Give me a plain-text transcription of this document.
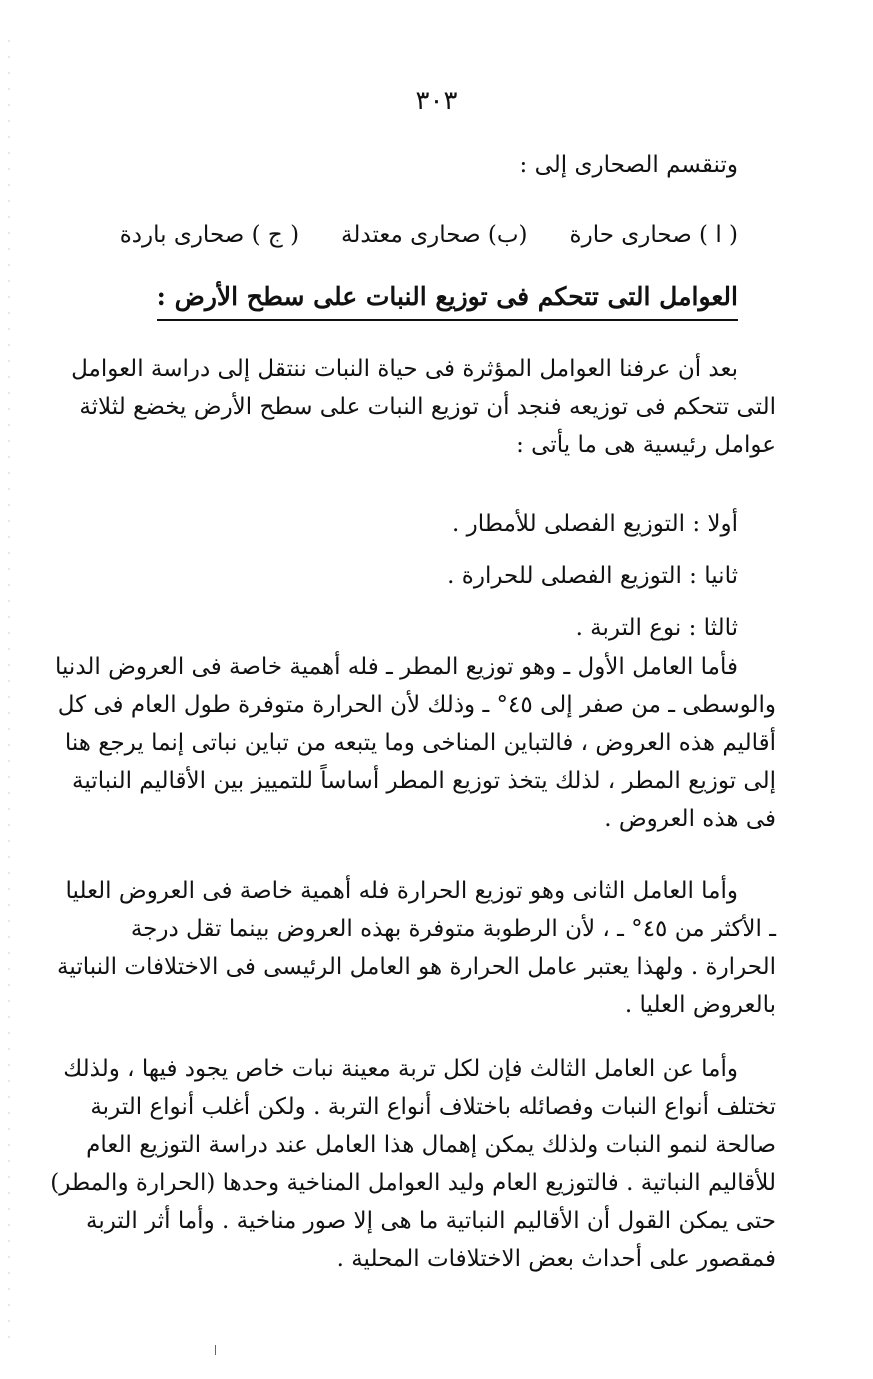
٣٠٣
وتنقسم الصحارى إلى :
( ا ) صحارى حارة
(ب) صحارى معتدلة
( ج ) صحارى باردة
العوامل التى تتحكم فى توزيع النبات على سطح الأرض :
بعد أن عرفنا العوامل المؤثرة فى حياة النبات ننتقل إلى دراسة العوامل
التى تتحكم فى توزيعه فنجد أن توزيع النبات على سطح الأرض يخضع لثلاثة
عوامل رئيسية هى ما يأتى :
أولا : التوزيع الفصلى للأمطار .
ثانيا : التوزيع الفصلى للحرارة .
ثالثا : نوع التربة .
فأما العامل الأول ـ وهو توزيع المطر ـ فله أهمية خاصة فى العروض الدنيا
والوسطى ـ من صفر إلى ٤٥° ـ وذلك لأن الحرارة متوفرة طول العام فى كل
أقاليم هذه العروض ، فالتباين المناخى وما يتبعه من تباين نباتى إنما يرجع هنا
إلى توزيع المطر ، لذلك يتخذ توزيع المطر أساساً للتمييز بين الأقاليم النباتية
فى هذه العروض .
وأما العامل الثانى وهو توزيع الحرارة فله أهمية خاصة فى العروض العليا
ـ الأكثر من ٤٥° ـ ، لأن الرطوبة متوفرة بهذه العروض بينما تقل درجة
الحرارة . ولهذا يعتبر عامل الحرارة هو العامل الرئيسى فى الاختلافات النباتية
بالعروض العليا .
وأما عن العامل الثالث فإن لكل تربة معينة نبات خاص يجود فيها ، ولذلك
تختلف أنواع النبات وفصائله باختلاف أنواع التربة . ولكن أغلب أنواع التربة
صالحة لنمو النبات ولذلك يمكن إهمال هذا العامل عند دراسة التوزيع العام
للأقاليم النباتية . فالتوزيع العام وليد العوامل المناخية وحدها (الحرارة والمطر)
حتى يمكن القول أن الأقاليم النباتية ما هى إلا صور مناخية . وأما أثر التربة
فمقصور على أحداث بعض الاختلافات المحلية .
